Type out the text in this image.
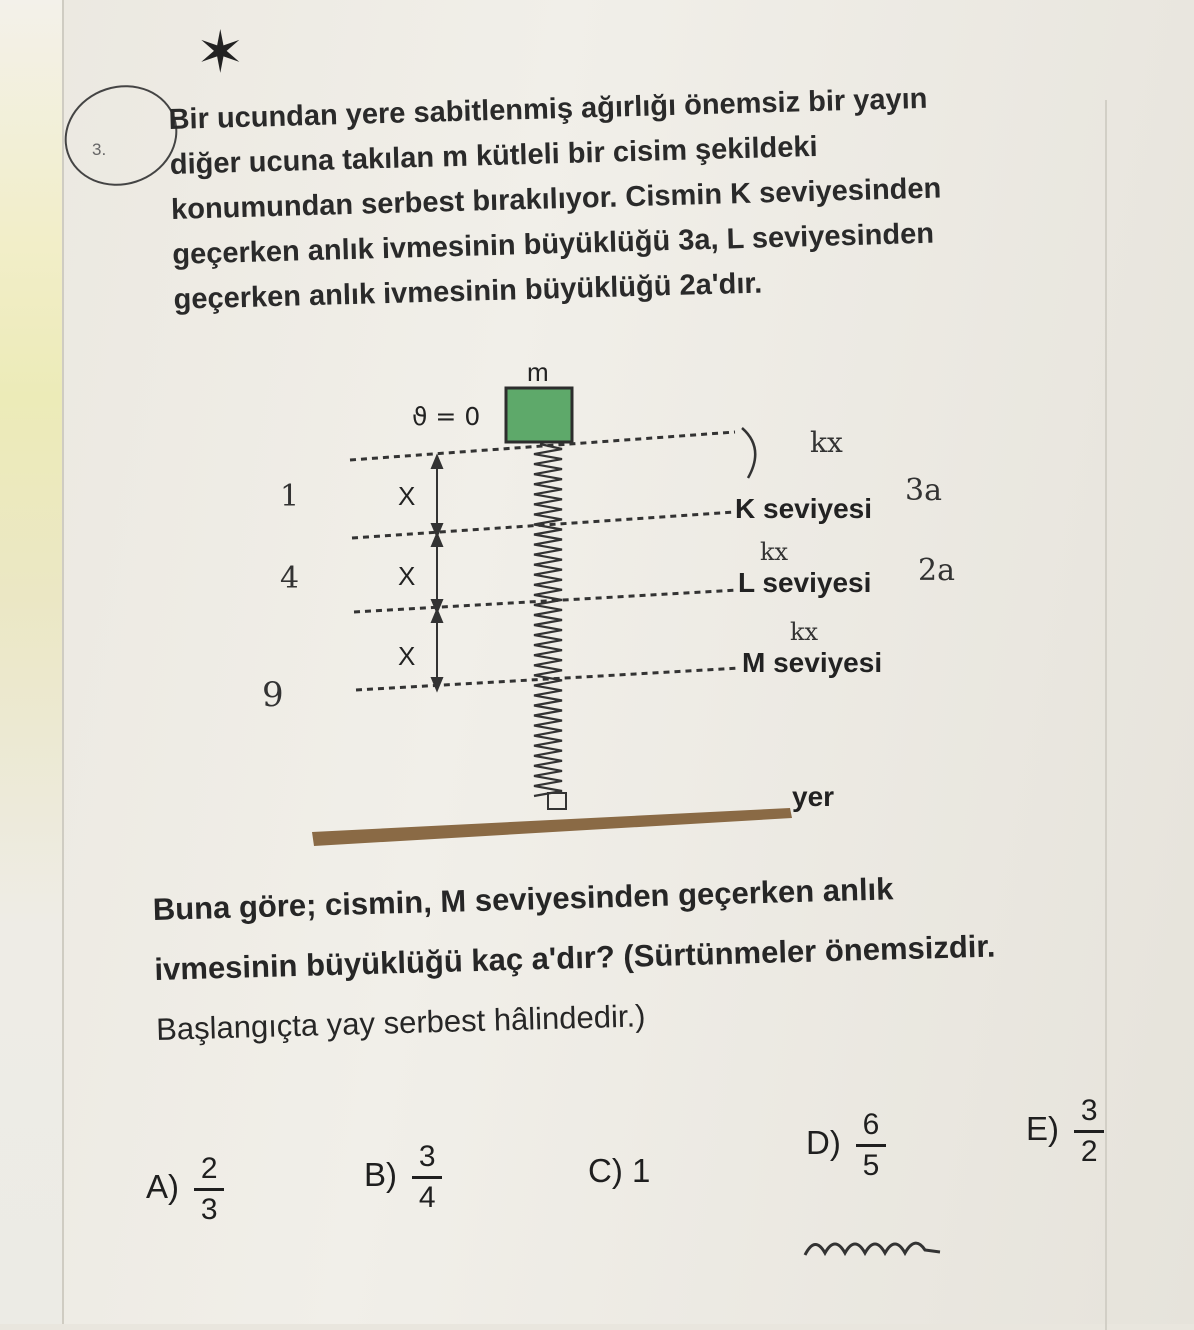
✶
3.
Bir ucundan yere sabitlenmiş ağırlığı önemsiz bir yayın
diğer ucuna takılan m kütleli bir cisim şekildeki
konumundan serbest bırakılıyor. Cismin K seviyesinden
geçerken anlık ivmesinin büyüklüğü 3a, L seviyesinden
geçerken anlık ivmesinin büyüklüğü 2a'dır.
yer
m
ϑ = 0
X
X
X
K seviyesi
L seviyesi
M seviyesi
kx
kx
kx
3a
2a
1
4
9
Buna göre; cismin, M seviyesinden geçerken anlık
ivmesinin büyüklüğü kaç a'dır? (Sürtünmeler önemsizdir.
Başlangıçta yay serbest hâlindedir.)
$A) \frac{2}{3}$	$B) \frac{3}{4}$	C) 1
$D) \frac{6}{5}$	$E) \frac{3}{2}$
